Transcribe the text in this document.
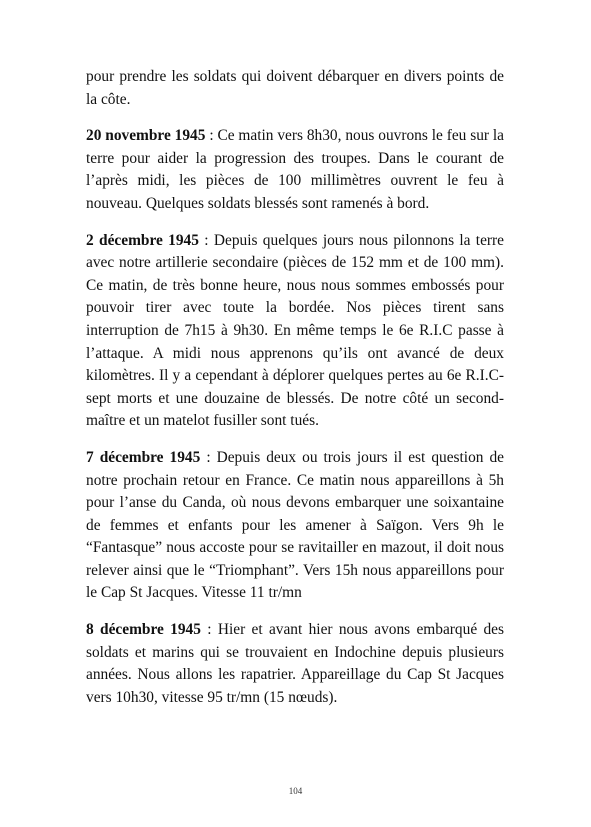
pour prendre les soldats qui doivent débarquer en divers points de la côte.

20 novembre 1945 : Ce matin vers 8h30, nous ouvrons le feu sur la terre pour aider la progression des troupes. Dans le courant de l’après midi, les pièces de 100 millimètres ouvrent le feu à nouveau. Quelques soldats blessés sont ramenés à bord.

2 décembre 1945 : Depuis quelques jours nous pilonnons la terre avec notre artillerie secondaire (pièces de 152 mm et de 100 mm). Ce matin, de très bonne heure, nous nous sommes embossés pour pouvoir tirer avec toute la bordée. Nos pièces tirent sans interruption de 7h15 à 9h30. En même temps le 6e R.I.C passe à l’attaque. A midi nous apprenons qu’ils ont avancé de deux kilomètres. Il y a cependant à déplorer quelques pertes au 6e R.I.C- sept morts et une douzaine de blessés. De notre côté un second-maître et un matelot fusiller sont tués.

7 décembre 1945 : Depuis deux ou trois jours il est question de notre prochain retour en France. Ce matin nous appareillons à 5h pour l’anse du Canda, où nous devons embarquer une soixantaine de femmes et enfants pour les amener à Saïgon. Vers 9h le “Fantasque” nous accoste pour se ravitailler en mazout, il doit nous relever ainsi que le “Triomphant”. Vers 15h nous appareillons pour le Cap St Jacques. Vitesse 11 tr/mn

8 décembre 1945 : Hier et avant hier nous avons embarqué des soldats et marins qui se trouvaient en Indochine depuis plusieurs années. Nous allons les rapatrier. Appareillage du Cap St Jacques vers 10h30, vitesse 95 tr/mn (15 nœuds).

104
